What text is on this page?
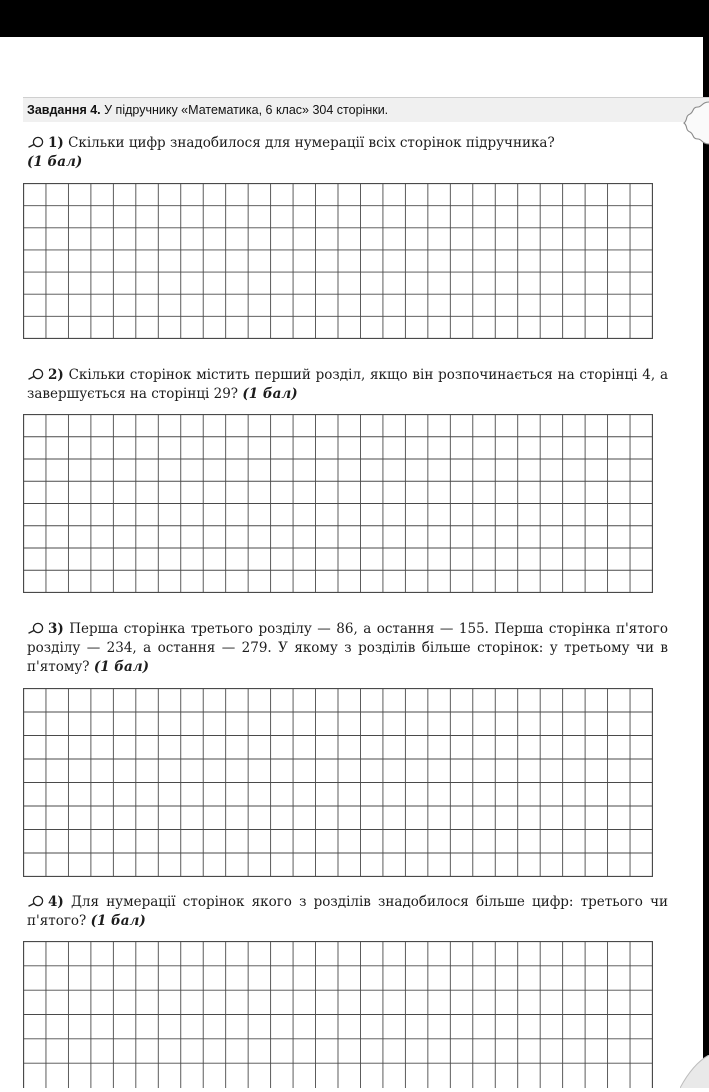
Завдання 4. У підручнику «Математика, 6 клас» 304 сторінки.

1) Скільки цифр знадобилося для нумерації всіх сторінок підручника?
(1 бал)

2) Скільки сторінок містить перший розділ, якщо він розпочинається на сторінці 4, а завершується на сторінці 29? (1 бал)

3) Перша сторінка третього розділу — 86, а остання — 155. Перша сторінка п'ятого розділу — 234, а остання — 279. У якому з розділів більше сторінок: у третьому чи в п'ятому? (1 бал)

4) Для нумерації сторінок якого з розділів знадобилося більше цифр: третього чи п'ятого? (1 бал)
